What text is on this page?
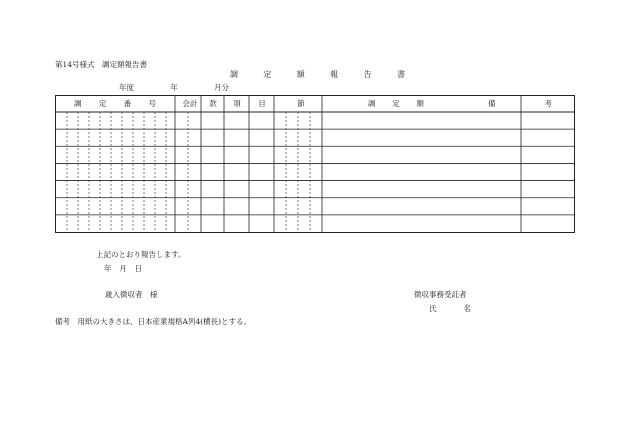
第14号様式　調定額報告書
調	定	額	報	告	書
年度	年	月分
調 定 番 号	会計	款	項	目	節	調 定 額	備	考
上記のとおり報告します。
年 月 日
歳入徴収者　様	徴収事務受託者
氏	名
備考　用紙の大きさは、日本産業規格A列4(横長)とする。
